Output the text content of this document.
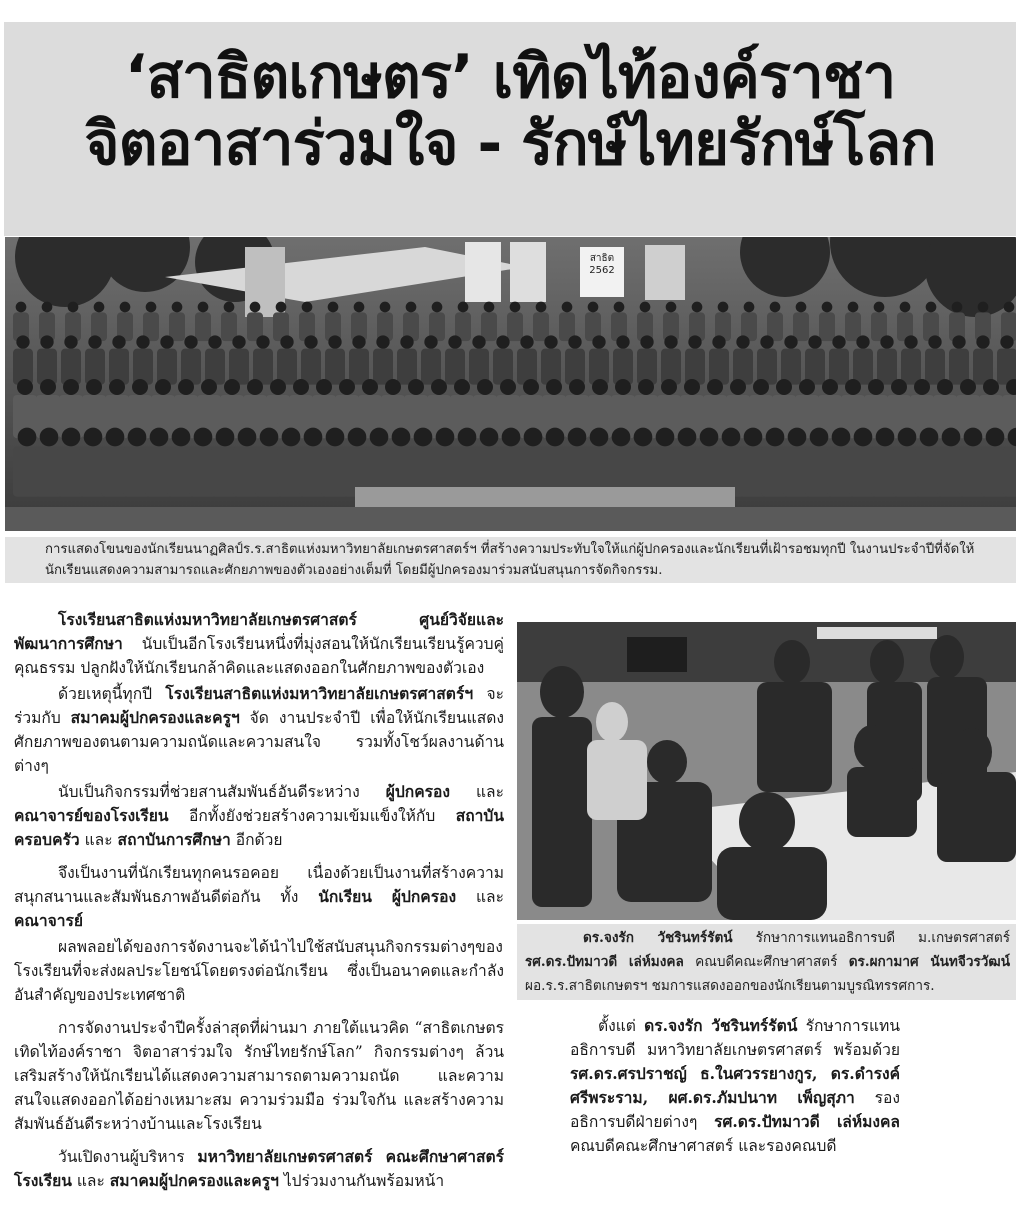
‘สาธิตเกษตร’ เทิดไท้องค์ราชา
จิตอาสาร่วมใจ - รักษ์ไทยรักษ์โลก
สาธิต
2562
การแสดงโขนของนักเรียนนาฏศิลป์ร.ร.สาธิตแห่งมหาวิทยาลัยเกษตรศาสตร์ฯ ที่สร้างความประทับใจให้แก่ผู้ปกครองและนักเรียนที่เฝ้ารอชมทุกปี ในงานประจำปีที่จัดให้นักเรียนแสดงความสามารถและศักยภาพของตัวเองอย่างเต็มที่ โดยมีผู้ปกครองมาร่วมสนับสนุนการจัดกิจกรรม.

โรงเรียนสาธิตแห่งมหาวิทยาลัยเกษตรศาสตร์ ศูนย์วิจัยและพัฒนาการศึกษา นับเป็นอีกโรงเรียนหนึ่งที่มุ่งสอนให้นักเรียนเรียนรู้ควบคู่คุณธรรม ปลูกฝังให้นักเรียนกล้าคิดและแสดงออกในศักยภาพของตัวเอง

ด้วยเหตุนี้ทุกปี โรงเรียนสาธิตแห่งมหาวิทยาลัยเกษตรศาสตร์ฯ จะร่วมกับ สมาคมผู้ปกครองและครูฯ จัด งานประจำปี เพื่อให้นักเรียนแสดงศักยภาพของตนตามความถนัดและความสนใจ รวมทั้งโชว์ผลงานด้านต่างๆ

นับเป็นกิจกรรมที่ช่วยสานสัมพันธ์อันดีระหว่าง ผู้ปกครอง และ คณาจารย์ของโรงเรียน อีกทั้งยังช่วยสร้างความเข้มแข็งให้กับ สถาบันครอบครัว และ สถาบันการศึกษา อีกด้วย

จึงเป็นงานที่นักเรียนทุกคนรอคอย เนื่องด้วยเป็นงานที่สร้างความสนุกสนานและสัมพันธภาพอันดีต่อกัน ทั้ง นักเรียน ผู้ปกครอง และ คณาจารย์

ผลพลอยได้ของการจัดงานจะได้นำไปใช้สนับสนุนกิจกรรมต่างๆของโรงเรียนที่จะส่งผลประโยชน์โดยตรงต่อนักเรียน ซึ่งเป็นอนาคตและกำลังอันสำคัญของประเทศชาติ

การจัดงานประจำปีครั้งล่าสุดที่ผ่านมา ภายใต้แนวคิด “สาธิตเกษตรเทิดไท้องค์ราชา จิตอาสาร่วมใจ รักษ์ไทยรักษ์โลก” กิจกรรมต่างๆ ล้วนเสริมสร้างให้นักเรียนได้แสดงความสามารถตามความถนัด และความสนใจแสดงออกได้อย่างเหมาะสม ความร่วมมือ ร่วมใจกัน และสร้างความสัมพันธ์อันดีระหว่างบ้านและโรงเรียน

วันเปิดงานผู้บริหาร มหาวิทยาลัยเกษตรศาสตร์ คณะศึกษาศาสตร์ โรงเรียน และ สมาคมผู้ปกครองและครูฯ ไปร่วมงานกันพร้อมหน้า

ดร.จงรัก วัชรินทร์รัตน์ รักษาการแทนอธิการบดี ม.เกษตรศาสตร์ รศ.ดร.ปัทมาวดี เล่ห์มงคล คณบดีคณะศึกษาศาสตร์ ดร.ผกามาศ นันทจีวรวัฒน์ ผอ.ร.ร.สาธิตเกษตรฯ ชมการแสดงออกของนักเรียนตามบูรณิทรรศการ.

ตั้งแต่ ดร.จงรัก วัชรินทร์รัตน์ รักษาการแทนอธิการบดี มหาวิทยาลัยเกษตรศาสตร์ พร้อมด้วย รศ.ดร.ศรปราชญ์ ธ.ในศวรรยางกูร, ดร.ดำรงค์ ศรีพระราม, ผศ.ดร.ภัมปนาท เพ็ญสุภา รองอธิการบดีฝ่ายต่างๆ รศ.ดร.ปัทมาวดี เล่ห์มงคล คณบดีคณะศึกษาศาสตร์ และรองคณบดี
